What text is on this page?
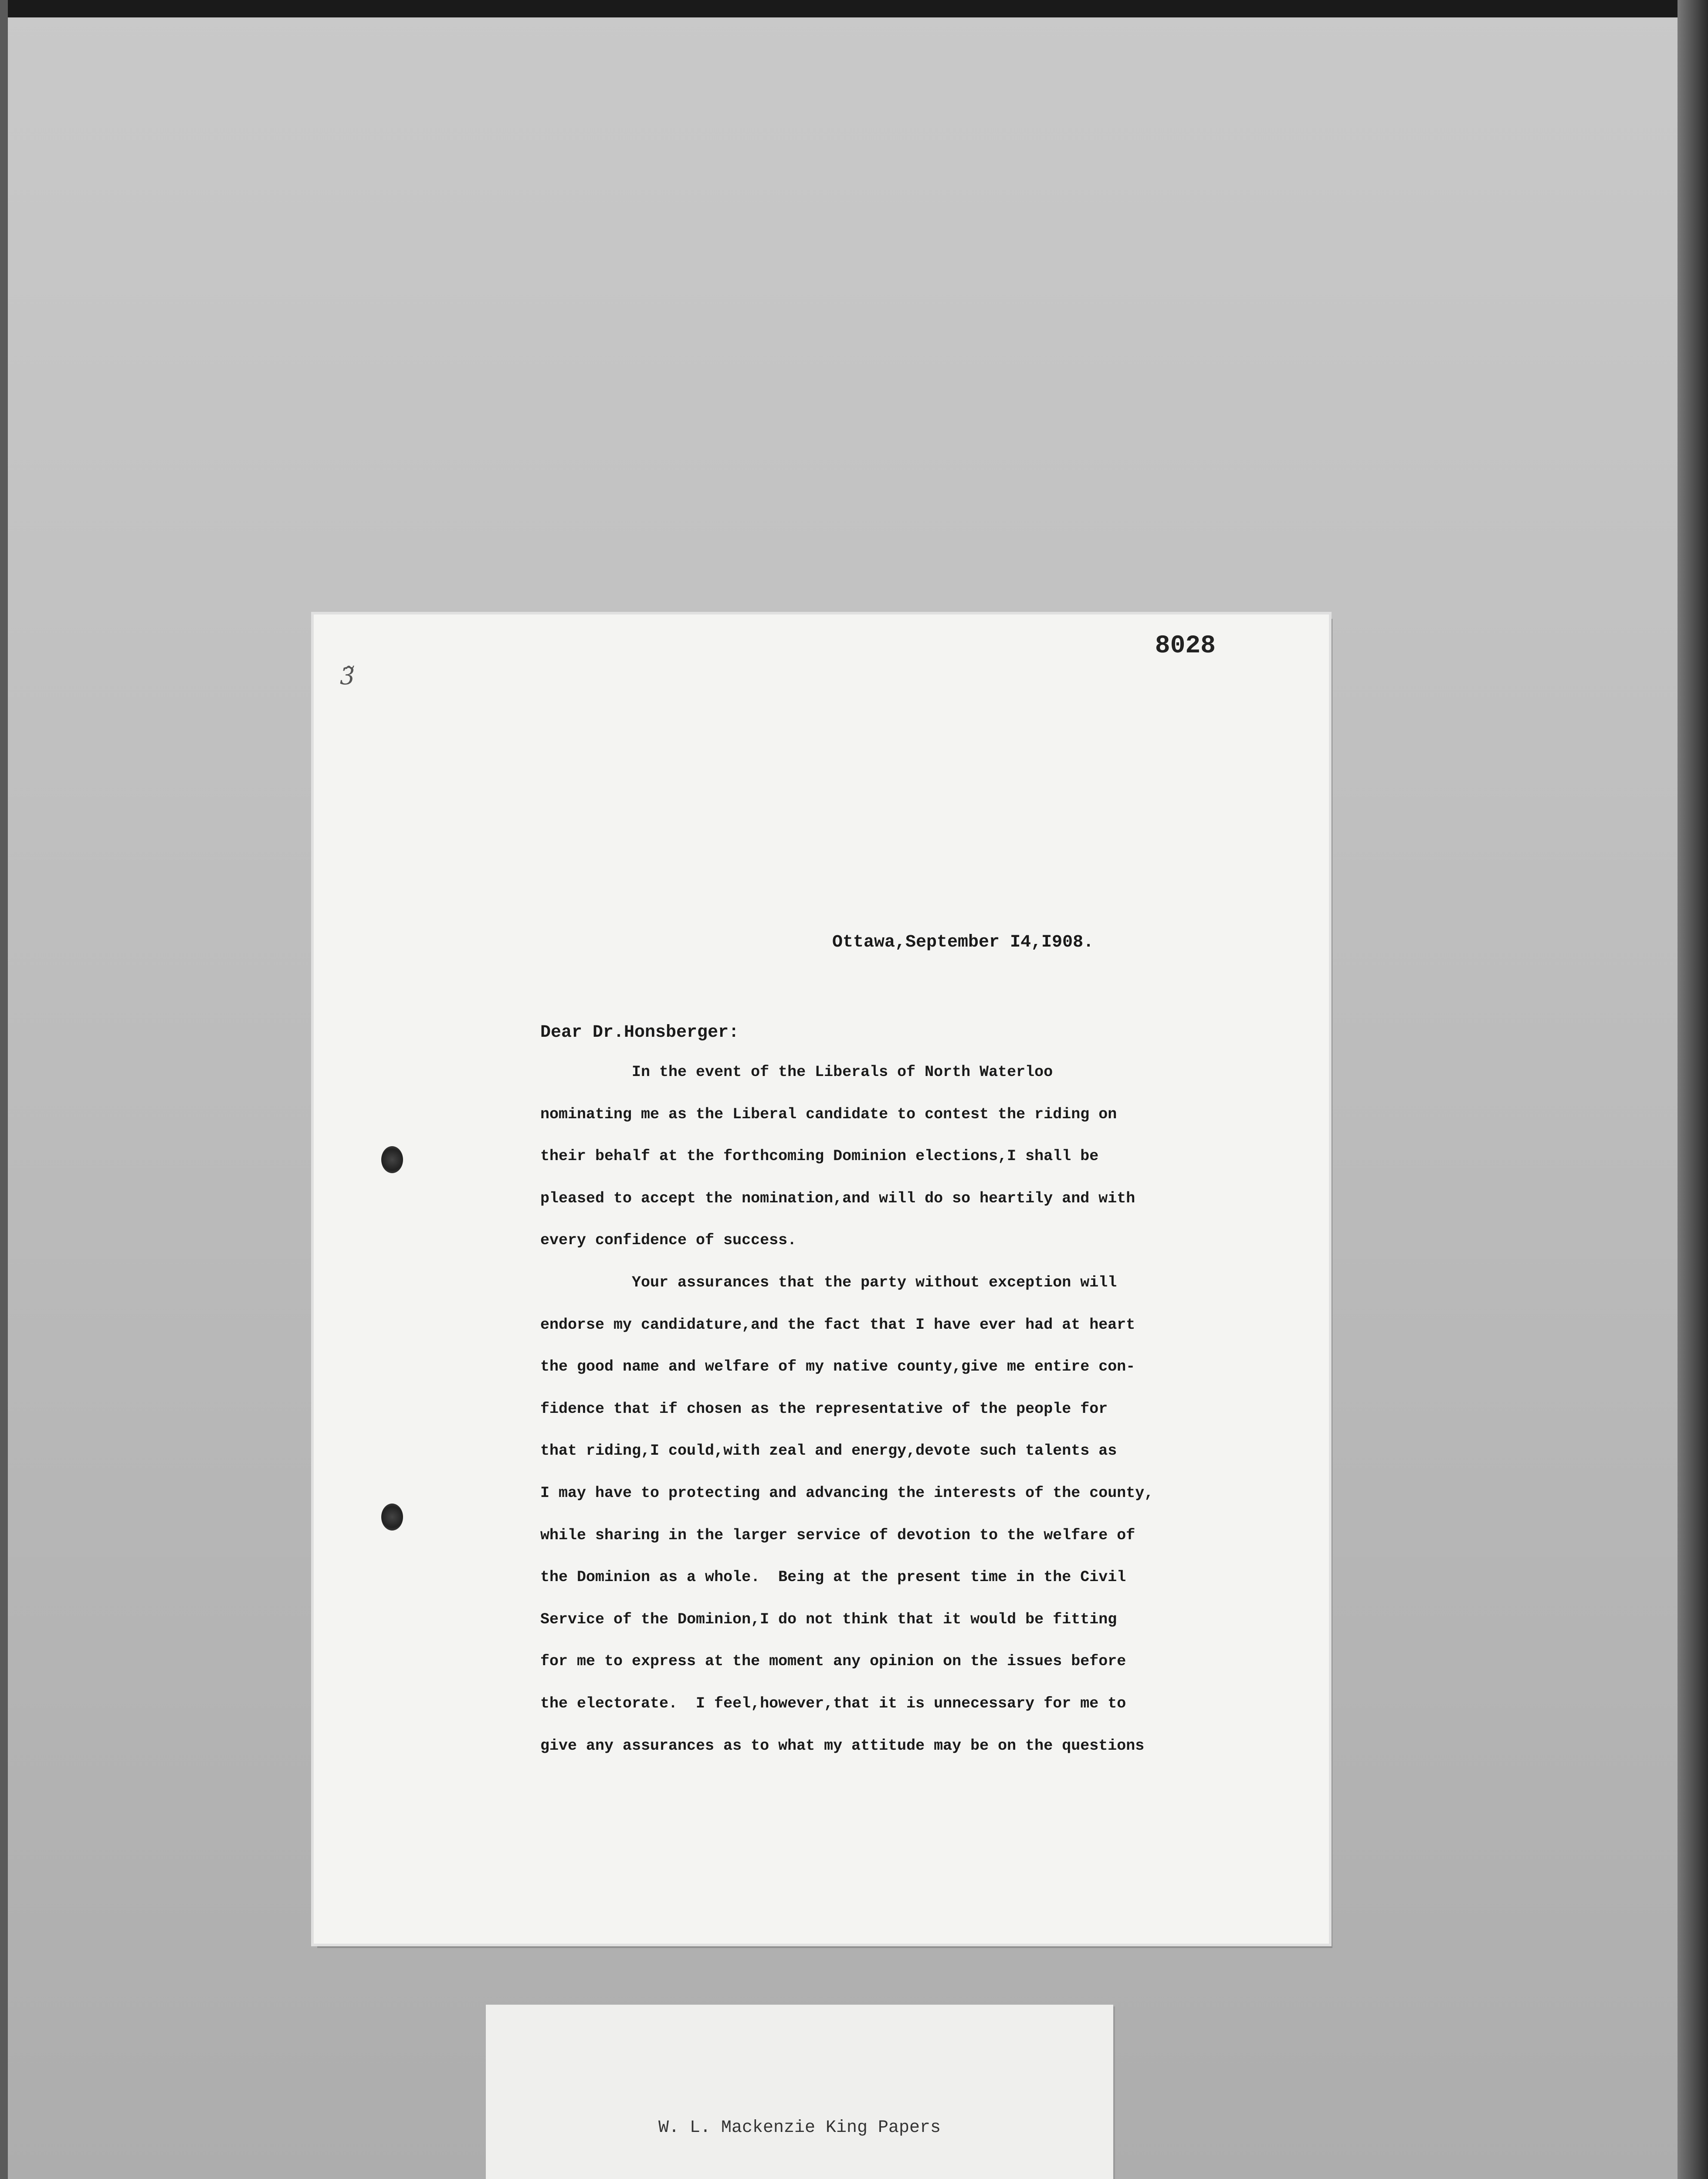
3̃
8028
Ottawa,September I4,I908.
Dear Dr.Honsberger:
In the event of the Liberals of North Waterloo
nominating me as the Liberal candidate to contest the riding on
their behalf at the forthcoming Dominion elections,I shall be
pleased to accept the nomination,and will do so heartily and with
every confidence of success.
Your assurances that the party without exception will
endorse my candidature,and the fact that I have ever had at heart
the good name and welfare of my native county,give me entire con-
fidence that if chosen as the representative of the people for
that riding,I could,with zeal and energy,devote such talents as
I may have to protecting and advancing the interests of the county,
while sharing in the larger service of devotion to the welfare of
the Dominion as a whole.  Being at the present time in the Civil
Service of the Dominion,I do not think that it would be fitting
for me to express at the moment any opinion on the issues before
the electorate.  I feel,however,that it is unnecessary for me to
give any assurances as to what my attitude may be on the questions
W. L. Mackenzie King Papers
